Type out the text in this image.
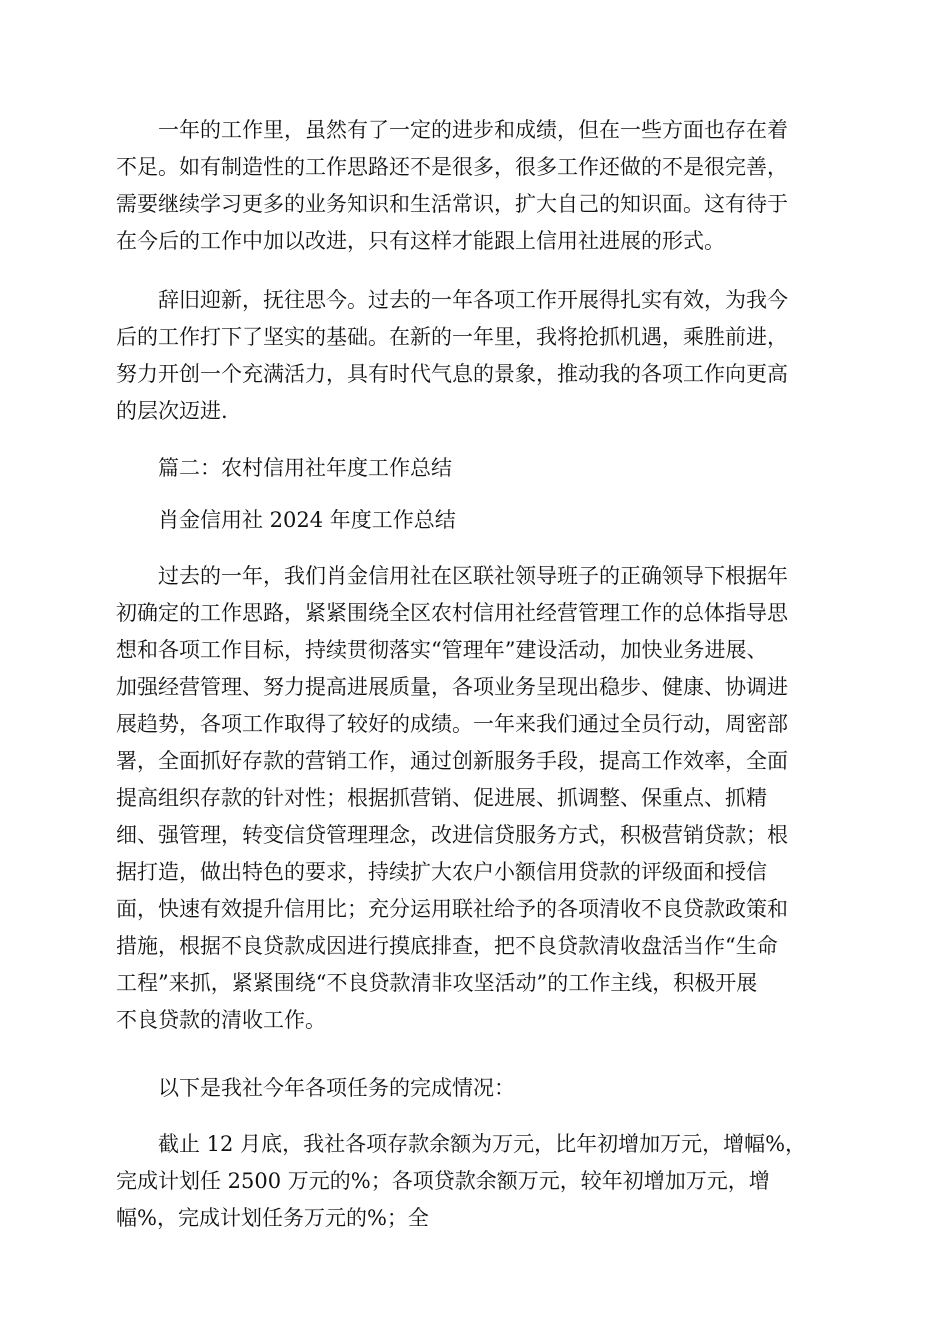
一年的工作里，虽然有了一定的进步和成绩，但在一些方面也存在着
不足。如有制造性的工作思路还不是很多，很多工作还做的不是很完善，
需要继续学习更多的业务知识和生活常识，扩大自己的知识面。这有待于
在今后的工作中加以改进，只有这样才能跟上信用社进展的形式。
辞旧迎新，抚往思今。过去的一年各项工作开展得扎实有效，为我今
后的工作打下了坚实的基础。在新的一年里，我将抢抓机遇，乘胜前进，
努力开创一个充满活力，具有时代气息的景象，推动我的各项工作向更高
的层次迈进.
篇二：农村信用社年度工作总结
肖金信用社 2024 年度工作总结
过去的一年，我们肖金信用社在区联社领导班子的正确领导下根据年
初确定的工作思路，紧紧围绕全区农村信用社经营管理工作的总体指导思
想和各项工作目标，持续贯彻落实“管理年”建设活动，加快业务进展、
加强经营管理、努力提高进展质量，各项业务呈现出稳步、健康、协调进
展趋势，各项工作取得了较好的成绩。一年来我们通过全员行动，周密部
署，全面抓好存款的营销工作，通过创新服务手段，提高工作效率，全面
提高组织存款的针对性；根据抓营销、促进展、抓调整、保重点、抓精
细、强管理，转变信贷管理理念，改进信贷服务方式，积极营销贷款；根
据打造，做出特色的要求，持续扩大农户小额信用贷款的评级面和授信
面，快速有效提升信用比；充分运用联社给予的各项清收不良贷款政策和
措施，根据不良贷款成因进行摸底排查，把不良贷款清收盘活当作“生命
工程”来抓，紧紧围绕“不良贷款清非攻坚活动”的工作主线，积极开展
不良贷款的清收工作。
以下是我社今年各项任务的完成情况：
截止 12 月底，我社各项存款余额为万元，比年初增加万元，增幅%，
完成计划任 2500 万元的%；各项贷款余额万元，较年初增加万元，增
幅%，完成计划任务万元的%；全
